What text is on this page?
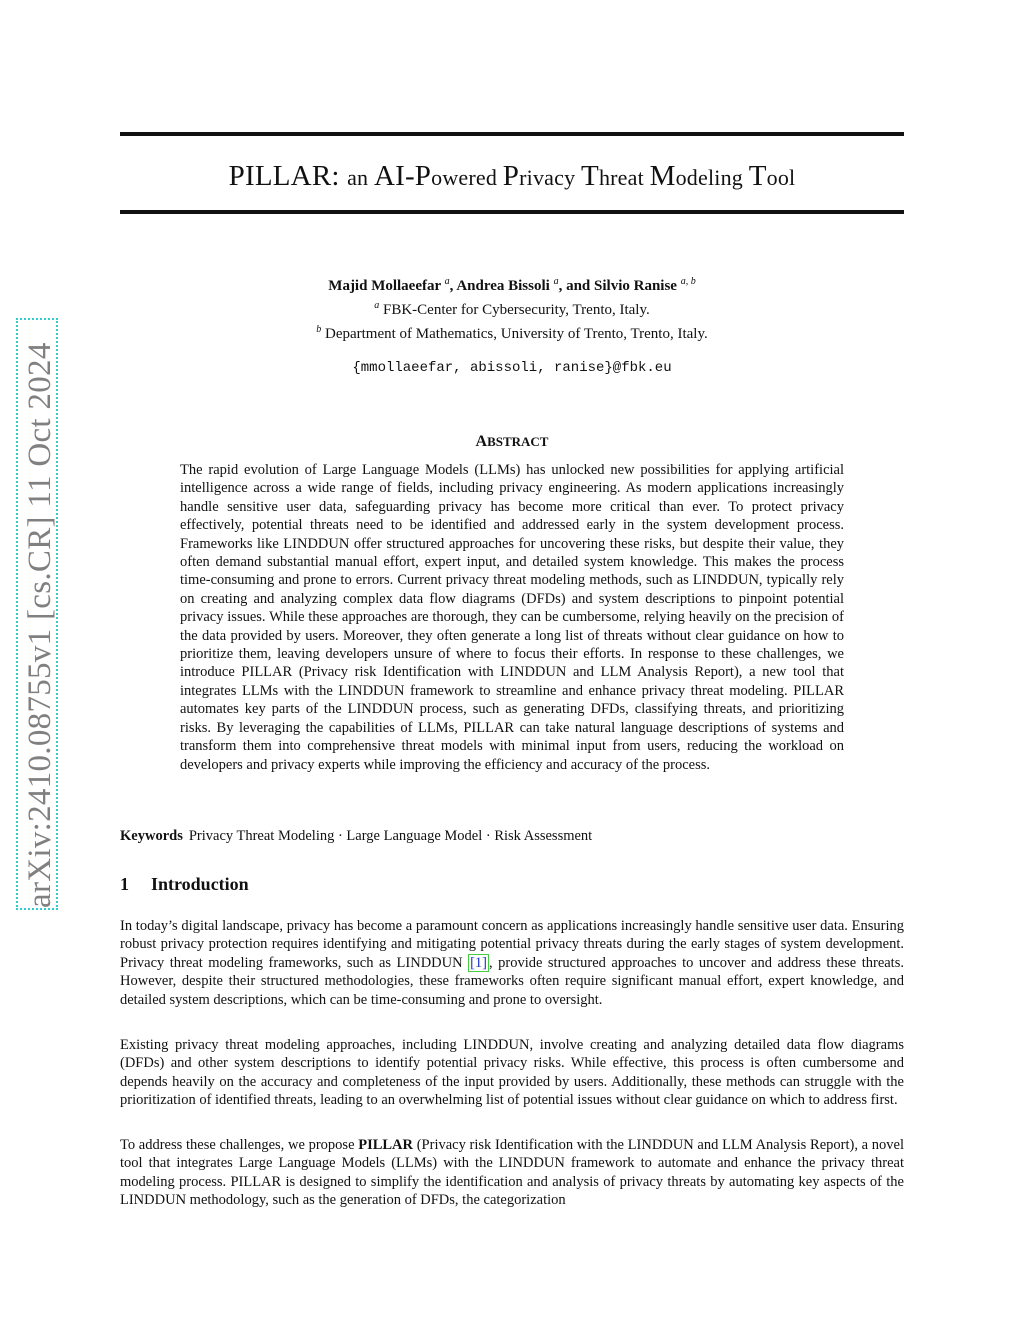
arXiv:2410.08755v1 [cs.CR] 11 Oct 2024
PILLAR: an AI-Powered Privacy Threat Modeling Tool
Majid Mollaeefar $^a$, Andrea Bissoli $^a$, and Silvio Ranise $^{a, b}$
$^a$ FBK-Center for Cybersecurity, Trento, Italy.
$^b$ Department of Mathematics, University of Trento, Trento, Italy.
{mmollaeefar, abissoli, ranise}@fbk.eu
ABSTRACT
The rapid evolution of Large Language Models (LLMs) has unlocked new possibilities for applying artificial intelligence across a wide range of fields, including privacy engineering. As modern applications increasingly handle sensitive user data, safeguarding privacy has become more critical than ever. To protect privacy effectively, potential threats need to be identified and addressed early in the system development process. Frameworks like LINDDUN offer structured approaches for uncovering these risks, but despite their value, they often demand substantial manual effort, expert input, and detailed system knowledge. This makes the process time-consuming and prone to errors. Current privacy threat modeling methods, such as LINDDUN, typically rely on creating and analyzing complex data flow diagrams (DFDs) and system descriptions to pinpoint potential privacy issues. While these approaches are thorough, they can be cumbersome, relying heavily on the precision of the data provided by users. Moreover, they often generate a long list of threats without clear guidance on how to prioritize them, leaving developers unsure of where to focus their efforts. In response to these challenges, we introduce PILLAR (Privacy risk Identification with LINDDUN and LLM Analysis Report), a new tool that integrates LLMs with the LINDDUN framework to streamline and enhance privacy threat modeling. PILLAR automates key parts of the LINDDUN process, such as generating DFDs, classifying threats, and prioritizing risks. By leveraging the capabilities of LLMs, PILLAR can take natural language descriptions of systems and transform them into comprehensive threat models with minimal input from users, reducing the workload on developers and privacy experts while improving the efficiency and accuracy of the process.
Keywords Privacy Threat Modeling · Large Language Model · Risk Assessment
1 Introduction
In today’s digital landscape, privacy has become a paramount concern as applications increasingly handle sensitive user data. Ensuring robust privacy protection requires identifying and mitigating potential privacy threats during the early stages of system development. Privacy threat modeling frameworks, such as LINDDUN [1] , provide structured approaches to uncover and address these threats. However, despite their structured methodologies, these frameworks often require significant manual effort, expert knowledge, and detailed system descriptions, which can be time-consuming and prone to oversight.
Existing privacy threat modeling approaches, including LINDDUN, involve creating and analyzing detailed data flow diagrams (DFDs) and other system descriptions to identify potential privacy risks. While effective, this process is often cumbersome and depends heavily on the accuracy and completeness of the input provided by users. Additionally, these methods can struggle with the prioritization of identified threats, leading to an overwhelming list of potential issues without clear guidance on which to address first.
To address these challenges, we propose PILLAR (Privacy risk Identification with the LINDDUN and LLM Analysis Report), a novel tool that integrates Large Language Models (LLMs) with the LINDDUN framework to automate and enhance the privacy threat modeling process. PILLAR is designed to simplify the identification and analysis of privacy threats by automating key aspects of the LINDDUN methodology, such as the generation of DFDs, the categorization
